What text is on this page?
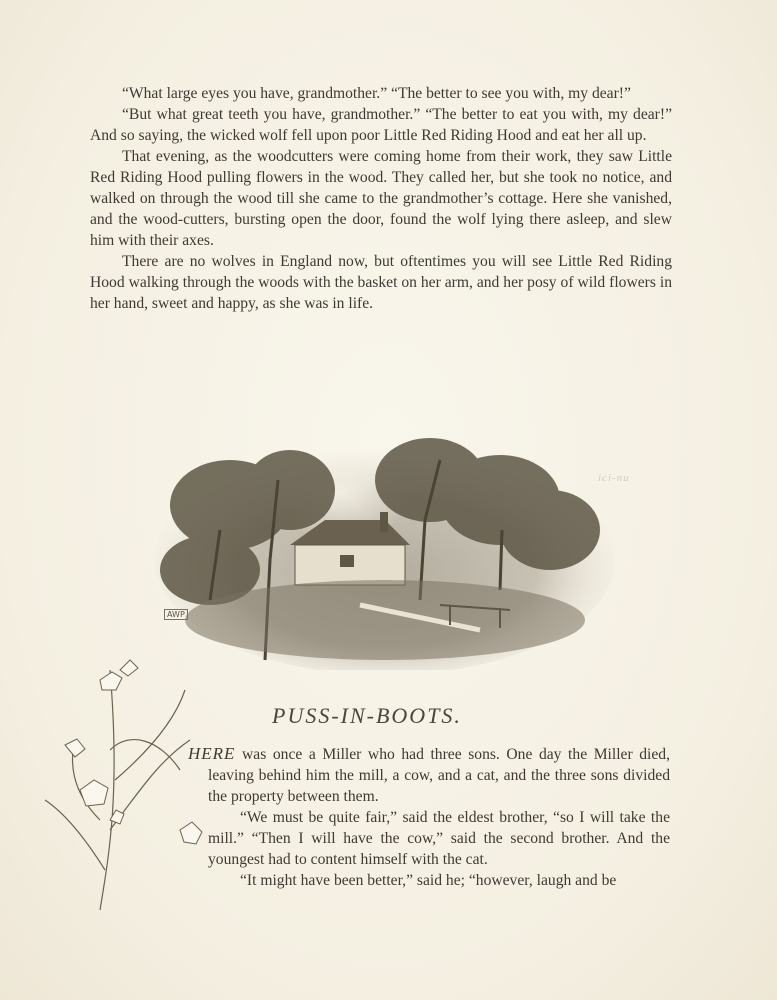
“What large eyes you have, grandmother.” “The better to see you with, my dear!”

“But what great teeth you have, grandmother.” “The better to eat you with, my dear!” And so saying, the wicked wolf fell upon poor Little Red Riding Hood and eat her all up.

That evening, as the woodcutters were coming home from their work, they saw Little Red Riding Hood pulling flowers in the wood. They called her, but she took no notice, and walked on through the wood till she came to the grandmother’s cottage. Here she vanished, and the wood-cutters, bursting open the door, found the wolf lying there asleep, and slew him with their axes.

There are no wolves in England now, but oftentimes you will see Little Red Riding Hood walking through the woods with the basket on her arm, and her posy of wild flowers in her hand, sweet and happy, as she was in life.

AWP
ici-nu
PUSS-IN-BOOTS.

HERE was once a Miller who had three sons. One day the Miller died, leaving behind him the mill, a cow, and a cat, and the three sons divided the property between them.

“We must be quite fair,” said the eldest brother, “so I will take the mill.” “Then I will have the cow,” said the second brother. And the youngest had to content himself with the cat.

“It might have been better,” said he; “however, laugh and be
